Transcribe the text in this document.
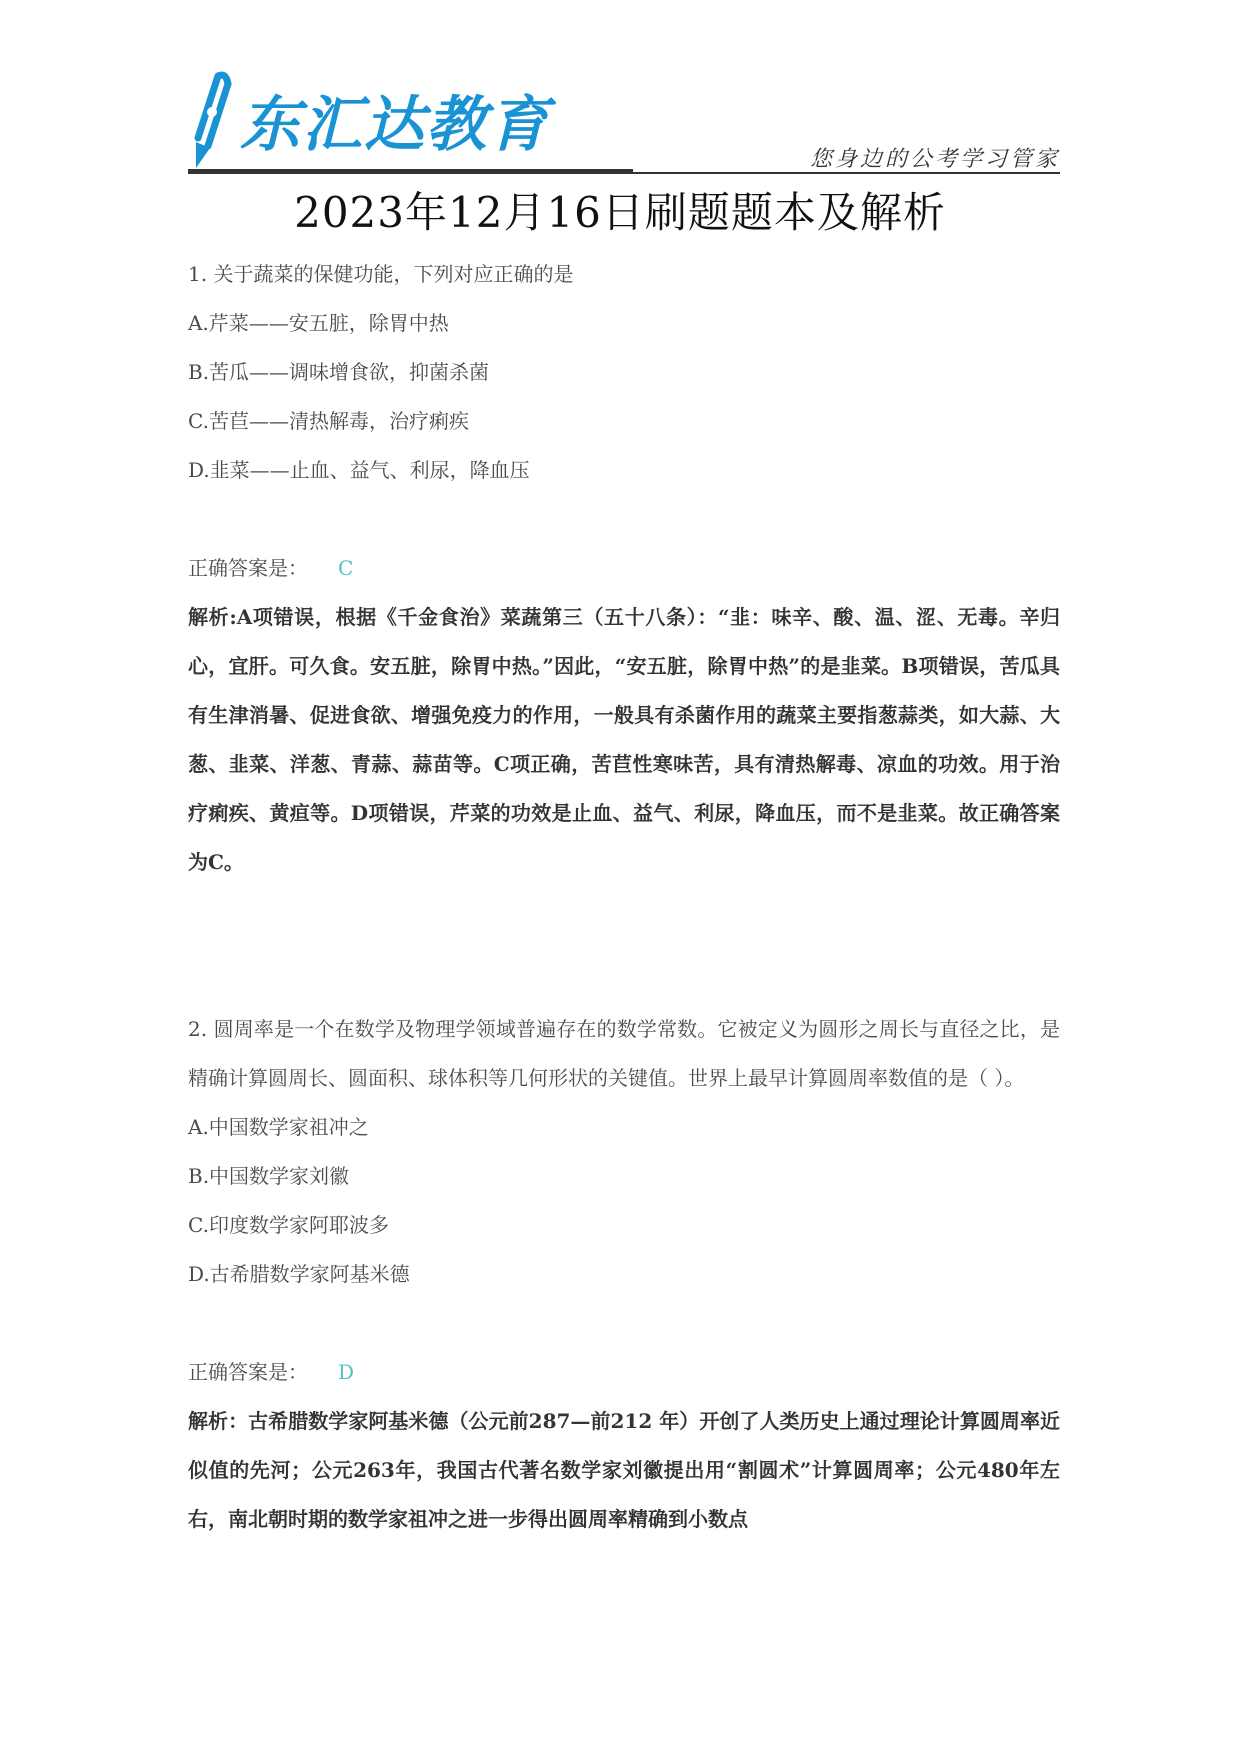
东汇达教育	您身边的公考学习管家
2023年12月16日刷题题本及解析

1. 关于蔬菜的保健功能，下列对应正确的是

A.芹菜——安五脏，除胃中热

B.苦瓜——调味增食欲，抑菌杀菌

C.苦苣——清热解毒，治疗痢疾

D.韭菜——止血、益气、利尿，降血压

正确答案是： C

解析:A项错误，根据《千金食治》菜蔬第三（五十八条）：“韭：味辛、酸、温、涩、无毒。辛归心，宜肝。可久食。安五脏，除胃中热。”因此，“安五脏，除胃中热”的是韭菜。B项错误，苦瓜具有生津消暑、促进食欲、增强免疫力的作用，一般具有杀菌作用的蔬菜主要指葱蒜类，如大蒜、大葱、韭菜、洋葱、青蒜、蒜苗等。C项正确，苦苣性寒味苦，具有清热解毒、凉血的功效。用于治疗痢疾、黄疸等。D项错误，芹菜的功效是止血、益气、利尿，降血压，而不是韭菜。故正确答案为C。

2. 圆周率是一个在数学及物理学领域普遍存在的数学常数。它被定义为圆形之周长与直径之比，是精确计算圆周长、圆面积、球体积等几何形状的关键值。世界上最早计算圆周率数值的是（ ）。

A.中国数学家祖冲之

B.中国数学家刘徽

C.印度数学家阿耶波多

D.古希腊数学家阿基米德

正确答案是： D

解析：古希腊数学家阿基米德（公元前287—前212 年）开创了人类历史上通过理论计算圆周率近似值的先河；公元263年，我国古代著名数学家刘徽提出用“割圆术”计算圆周率；公元480年左右，南北朝时期的数学家祖冲之进一步得出圆周率精确到小数点
